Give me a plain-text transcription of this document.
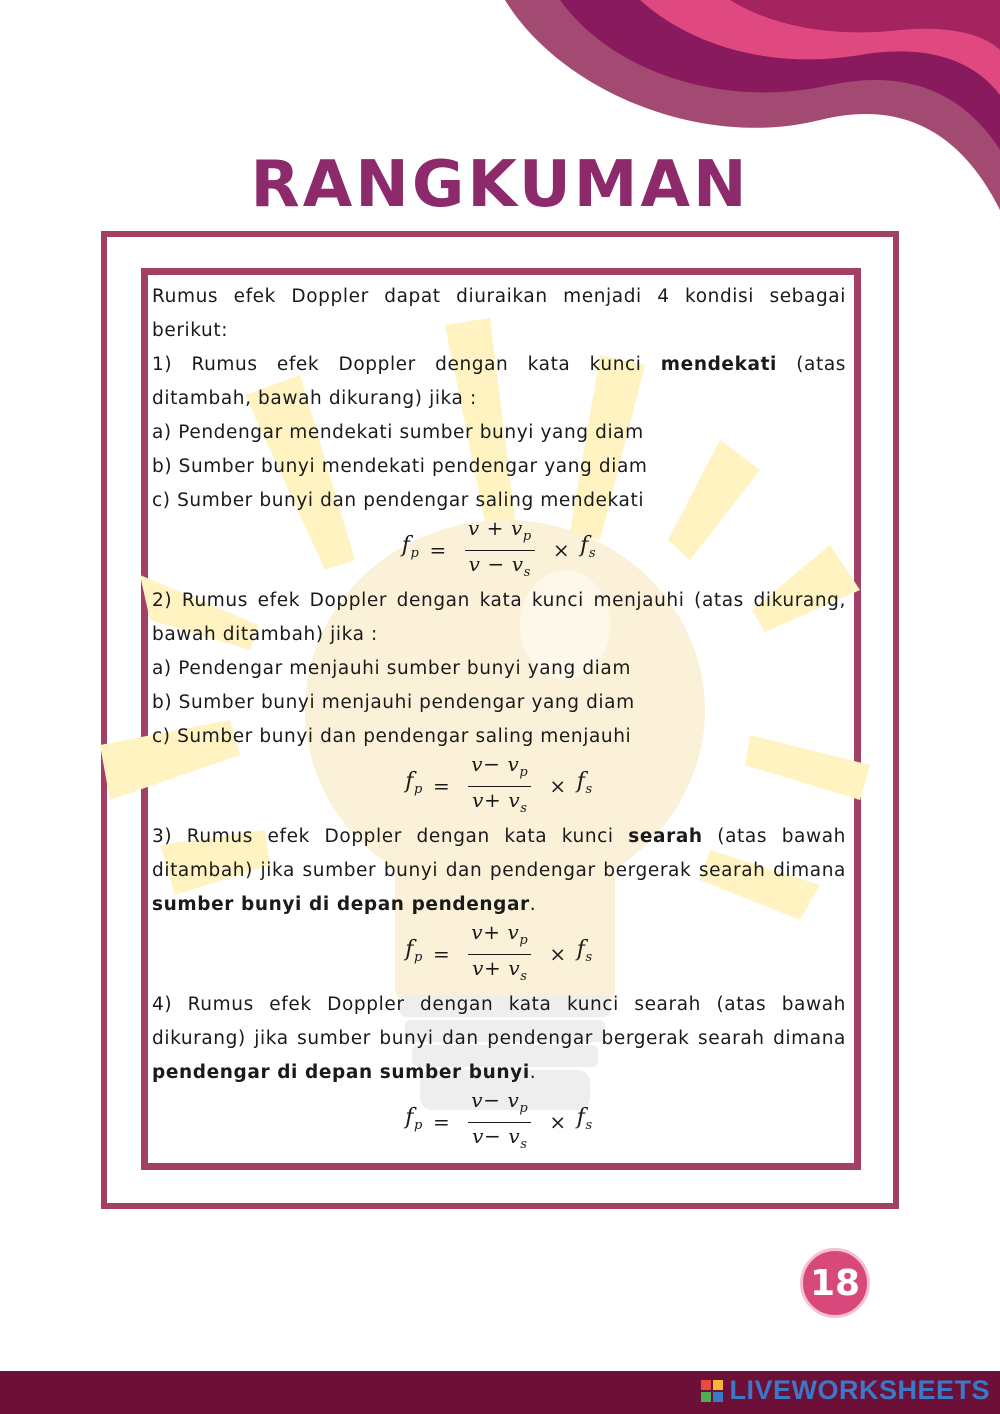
RANGKUMAN

Rumus efek Doppler dapat diuraikan menjadi 4 kondisi sebagai berikut:

1) Rumus efek Doppler dengan kata kunci mendekati (atas ditambah, bawah dikurang) jika :

a) Pendengar mendekati sumber bunyi yang diam

b) Sumber bunyi mendekati pendengar yang diam

c) Sumber bunyi dan pendengar saling mendekati

$f_p = \frac{v + v_p}{v - v_s} \times f_s$

2) Rumus efek Doppler dengan kata kunci menjauhi (atas dikurang, bawah ditambah) jika :

a) Pendengar menjauhi sumber bunyi yang diam

b) Sumber bunyi menjauhi pendengar yang diam

c) Sumber bunyi dan pendengar saling menjauhi

$f_p = \frac{v- v_p}{v+ v_s} \times f_s$

3) Rumus efek Doppler dengan kata kunci searah (atas bawah ditambah) jika sumber bunyi dan pendengar bergerak searah dimana sumber bunyi di depan pendengar.

$f_p = \frac{v+ v_p}{v+ v_s} \times f_s$

4) Rumus efek Doppler dengan kata kunci searah (atas bawah dikurang) jika sumber bunyi dan pendengar bergerak searah dimana pendengar di depan sumber bunyi.

$f_p = \frac{v- v_p}{v- v_s} \times f_s$
18
LIVEWORKSHEETS
